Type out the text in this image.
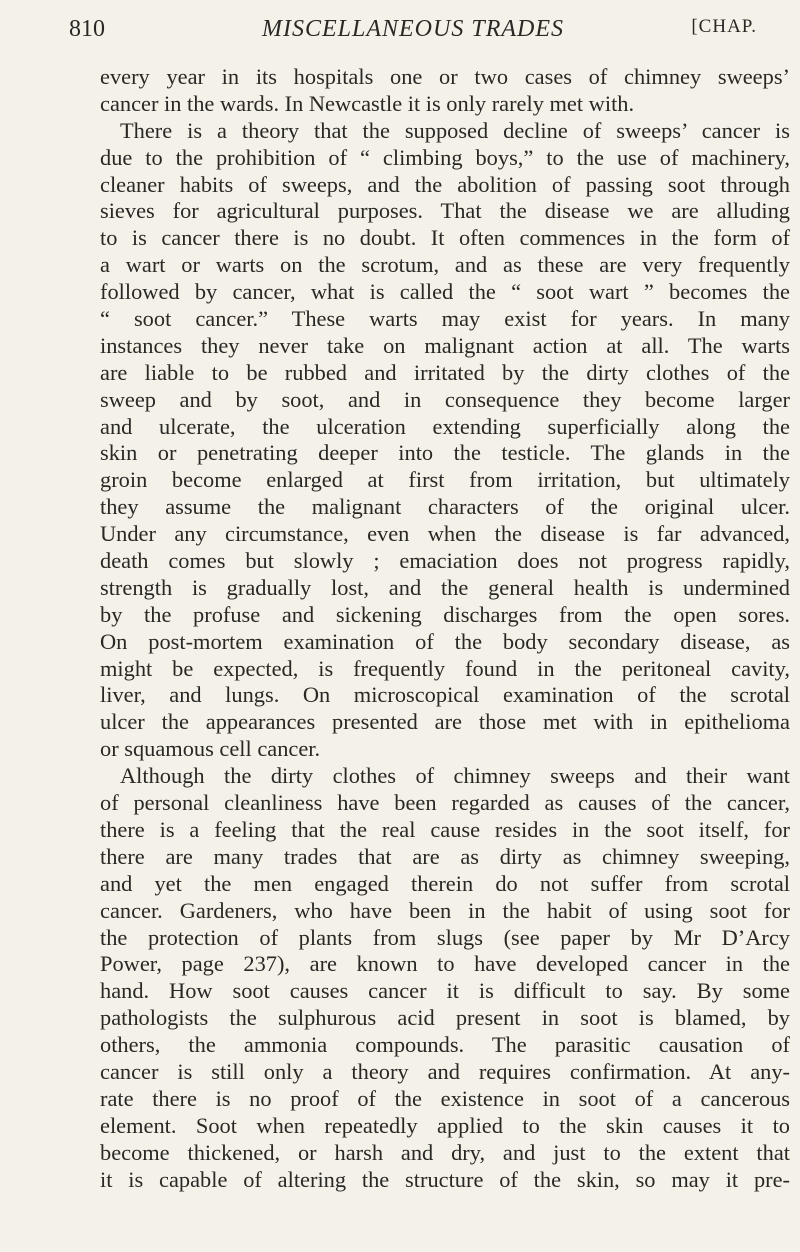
810	MISCELLANEOUS TRADES	[CHAP.
every year in its hospitals one or two cases of chimney sweeps’
cancer in the wards. In Newcastle it is only rarely met with.
There is a theory that the supposed decline of sweeps’ cancer is
due to the prohibition of “ climbing boys,” to the use of machinery,
cleaner habits of sweeps, and the abolition of passing soot through
sieves for agricultural purposes. That the disease we are alluding
to is cancer there is no doubt. It often commences in the form of
a wart or warts on the scrotum, and as these are very frequently
followed by cancer, what is called the “ soot wart ” becomes the
“ soot cancer.” These warts may exist for years. In many
instances they never take on malignant action at all. The warts
are liable to be rubbed and irritated by the dirty clothes of the
sweep and by soot, and in consequence they become larger
and ulcerate, the ulceration extending superficially along the
skin or penetrating deeper into the testicle. The glands in the
groin become enlarged at first from irritation, but ultimately
they assume the malignant characters of the original ulcer.
Under any circumstance, even when the disease is far advanced,
death comes but slowly ; emaciation does not progress rapidly,
strength is gradually lost, and the general health is undermined
by the profuse and sickening discharges from the open sores.
On post-mortem examination of the body secondary disease, as
might be expected, is frequently found in the peritoneal cavity,
liver, and lungs. On microscopical examination of the scrotal
ulcer the appearances presented are those met with in epithelioma
or squamous cell cancer.
Although the dirty clothes of chimney sweeps and their want
of personal cleanliness have been regarded as causes of the cancer,
there is a feeling that the real cause resides in the soot itself, for
there are many trades that are as dirty as chimney sweeping,
and yet the men engaged therein do not suffer from scrotal
cancer. Gardeners, who have been in the habit of using soot for
the protection of plants from slugs (see paper by Mr D’Arcy
Power, page 237), are known to have developed cancer in the
hand. How soot causes cancer it is difficult to say. By some
pathologists the sulphurous acid present in soot is blamed, by
others, the ammonia compounds. The parasitic causation of
cancer is still only a theory and requires confirmation. At any-
rate there is no proof of the existence in soot of a cancerous
element. Soot when repeatedly applied to the skin causes it to
become thickened, or harsh and dry, and just to the extent that
it is capable of altering the structure of the skin, so may it pre-
